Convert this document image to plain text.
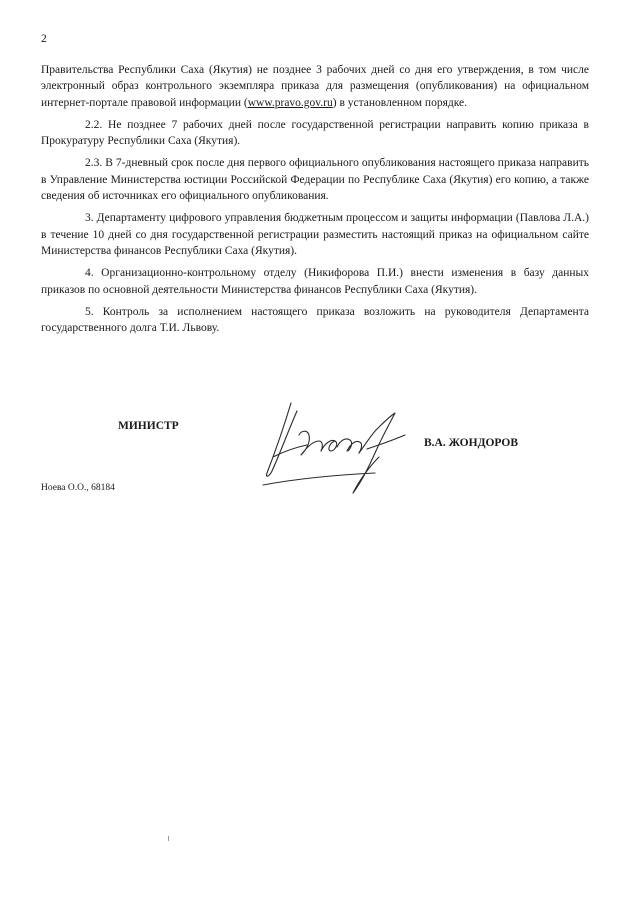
2

Правительства Республики Саха (Якутия) не позднее 3 рабочих дней со дня его утверждения, в том числе электронный образ контрольного экземпляра приказа для размещения (опубликования) на официальном интернет-портале правовой информации (www.pravo.gov.ru) в установленном порядке.

2.2. Не позднее 7 рабочих дней после государственной регистрации направить копию приказа в Прокуратуру Республики Саха (Якутия).

2.3. В 7-дневный срок после дня первого официального опубликования настоящего приказа направить в Управление Министерства юстиции Российской Федерации по Республике Саха (Якутия) его копию, а также сведения об источниках его официального опубликования.

3. Департаменту цифрового управления бюджетным процессом и защиты информации (Павлова Л.А.) в течение 10 дней со дня государственной регистрации разместить настоящий приказ на официальном сайте Министерства финансов Республики Саха (Якутия).

4. Организационно-контрольному отделу (Никифорова П.И.) внести изменения в базу данных приказов по основной деятельности Министерства финансов Республики Саха (Якутия).

5. Контроль за исполнением настоящего приказа возложить на руководителя Департамента государственного долга Т.И. Львову.

МИНИСТР
В.А. ЖОНДОРОВ
Ноева О.О., 68184
